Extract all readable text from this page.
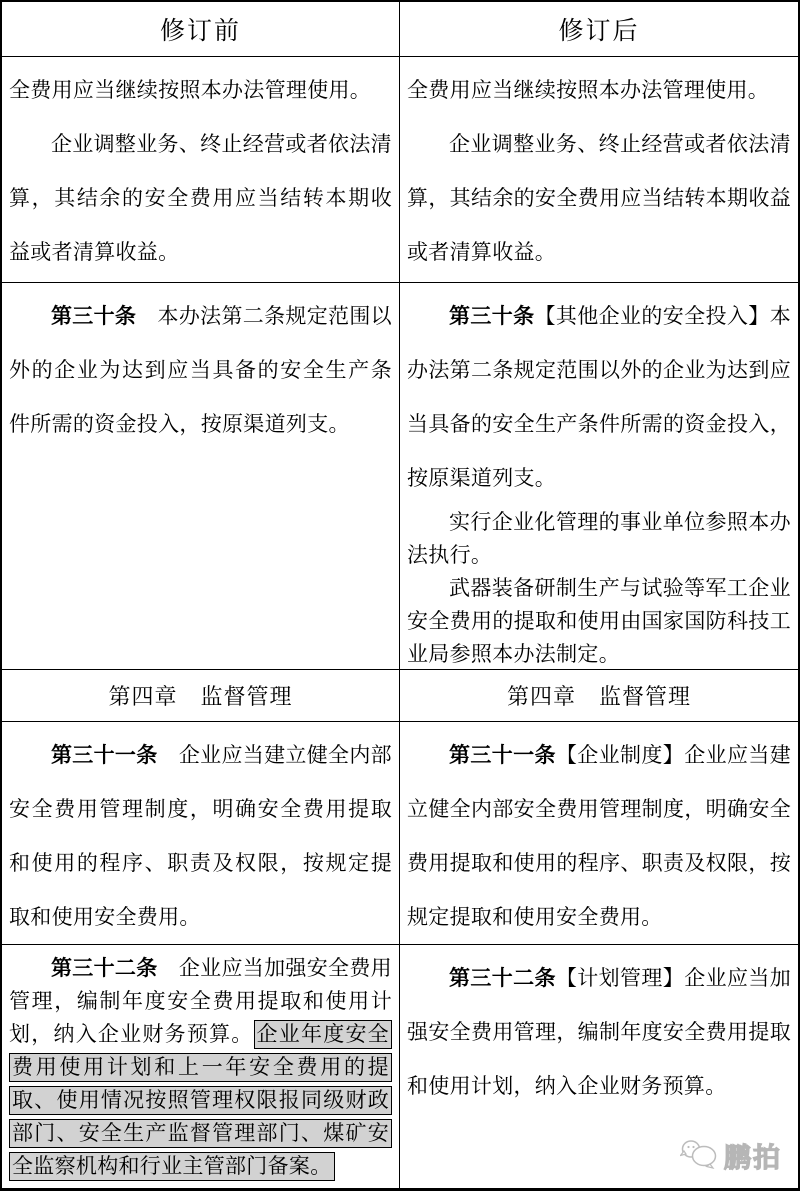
修订前	修订后

全费用应当继续按照本办法管理使用。

企业调整业务、终止经营或者依法清算，其结余的安全费用应当结转本期收益或者清算收益。

全费用应当继续按照本办法管理使用。

企业调整业务、终止经营或者依法清算，其结余的安全费用应当结转本期收益或者清算收益。

第三十条　本办法第二条规定范围以外的企业为达到应当具备的安全生产条件所需的资金投入，按原渠道列支。

第三十条【其他企业的安全投入】本办法第二条规定范围以外的企业为达到应当具备的安全生产条件所需的资金投入，按原渠道列支。

实行企业化管理的事业单位参照本办法执行。

武器装备研制生产与试验等军工企业安全费用的提取和使用由国家国防科技工业局参照本办法制定。

第四章　监督管理	第四章　监督管理

第三十一条　企业应当建立健全内部安全费用管理制度，明确安全费用提取和使用的程序、职责及权限，按规定提取和使用安全费用。

第三十一条【企业制度】企业应当建立健全内部安全费用管理制度，明确安全费用提取和使用的程序、职责及权限，按规定提取和使用安全费用。

第三十二条　企业应当加强安全费用管理，编制年度安全费用提取和使用计划，纳入企业财务预算。 企业年度安全费用使用计划和上一年安全费用的提取、使用情况按照管理权限报同级财政部门、安全生产监督管理部门、煤矿安全监察机构和行业主管部门备案。

第三十二条【计划管理】企业应当加强安全费用管理，编制年度安全费用提取和使用计划，纳入企业财务预算。

鹏拍
